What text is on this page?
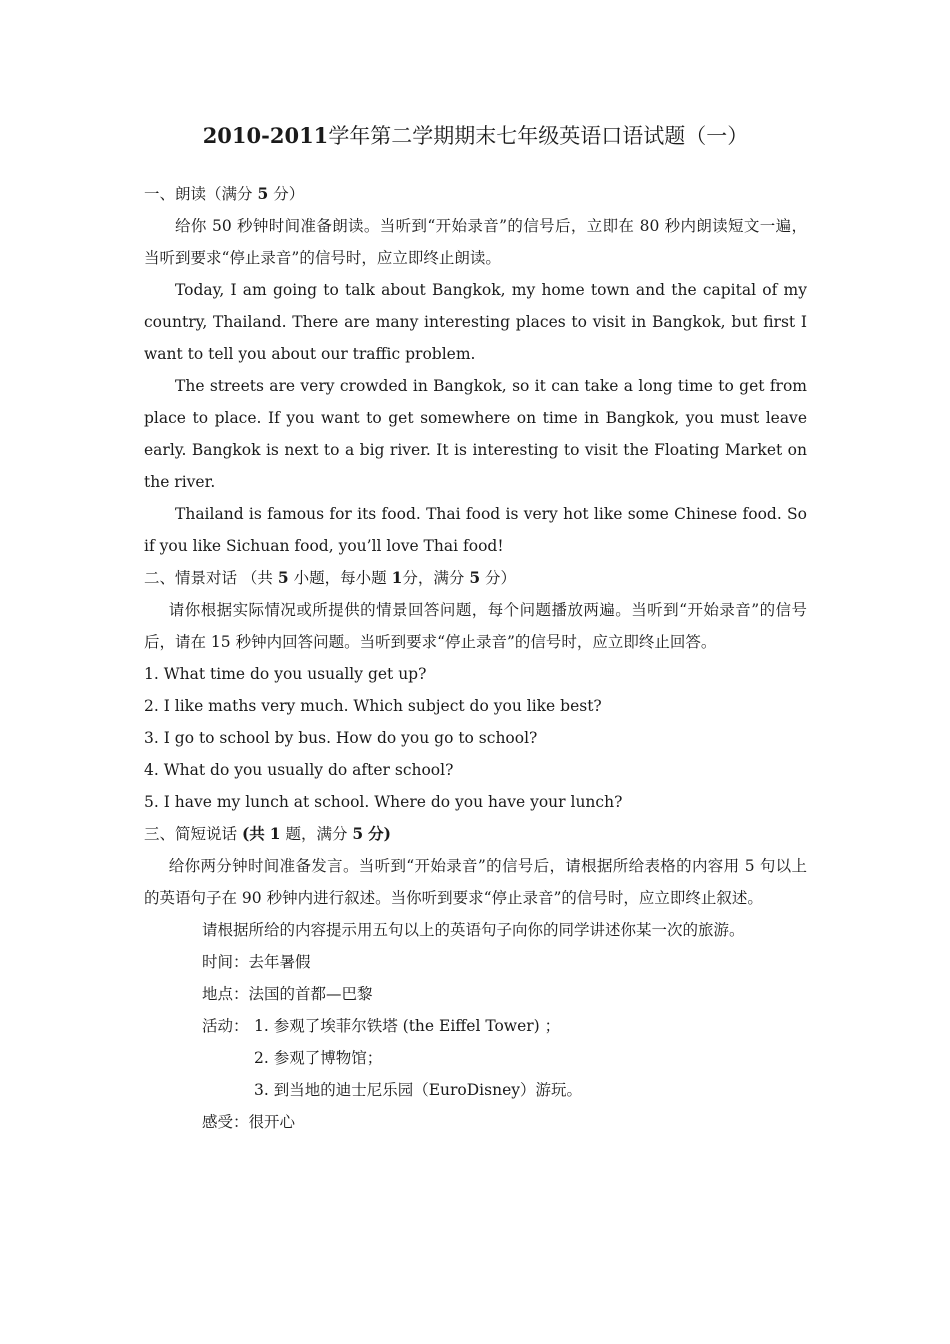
2010-2011学年第二学期期末七年级英语口语试题（一）

一、朗读（满分 5 分）

给你 50 秒钟时间准备朗读。当听到“开始录音”的信号后，立即在 80 秒内朗读短文一遍，当听到要求“停止录音”的信号时，应立即终止朗读。

Today, I am going to talk about Bangkok, my home town and the capital of my country, Thailand. There are many interesting places to visit in Bangkok, but first I want to tell you about our traffic problem.

The streets are very crowded in Bangkok, so it can take a long time to get from place to place. If you want to get somewhere on time in Bangkok, you must leave early. Bangkok is next to a big river. It is interesting to visit the Floating Market on the river.

Thailand is famous for its food. Thai food is very hot like some Chinese food. So if you like Sichuan food, you’ll love Thai food!

二、情景对话 （共 5 小题，每小题 1分，满分 5 分）

请你根据实际情况或所提供的情景回答问题，每个问题播放两遍。当听到“开始录音”的信号后，请在 15 秒钟内回答问题。当听到要求“停止录音”的信号时，应立即终止回答。

1. What time do you usually get up?
2. I like maths very much. Which subject do you like best?
3. I go to school by bus. How do you go to school?
4. What do you usually do after school?
5. I have my lunch at school. Where do you have your lunch?

三、简短说话 (共 1 题，满分 5 分)

给你两分钟时间准备发言。当听到“开始录音”的信号后，请根据所给表格的内容用 5 句以上的英语句子在 90 秒钟内进行叙述。当你听到要求“停止录音”的信号时，应立即终止叙述。

请根据所给的内容提示用五句以上的英语句子向你的同学讲述你某一次的旅游。

时间：去年暑假

地点：法国的首都—巴黎

活动： 1. 参观了埃菲尔铁塔 (the Eiffel Tower) ；
2. 参观了博物馆；
3. 到当地的迪士尼乐园（EuroDisney）游玩。

感受：很开心
